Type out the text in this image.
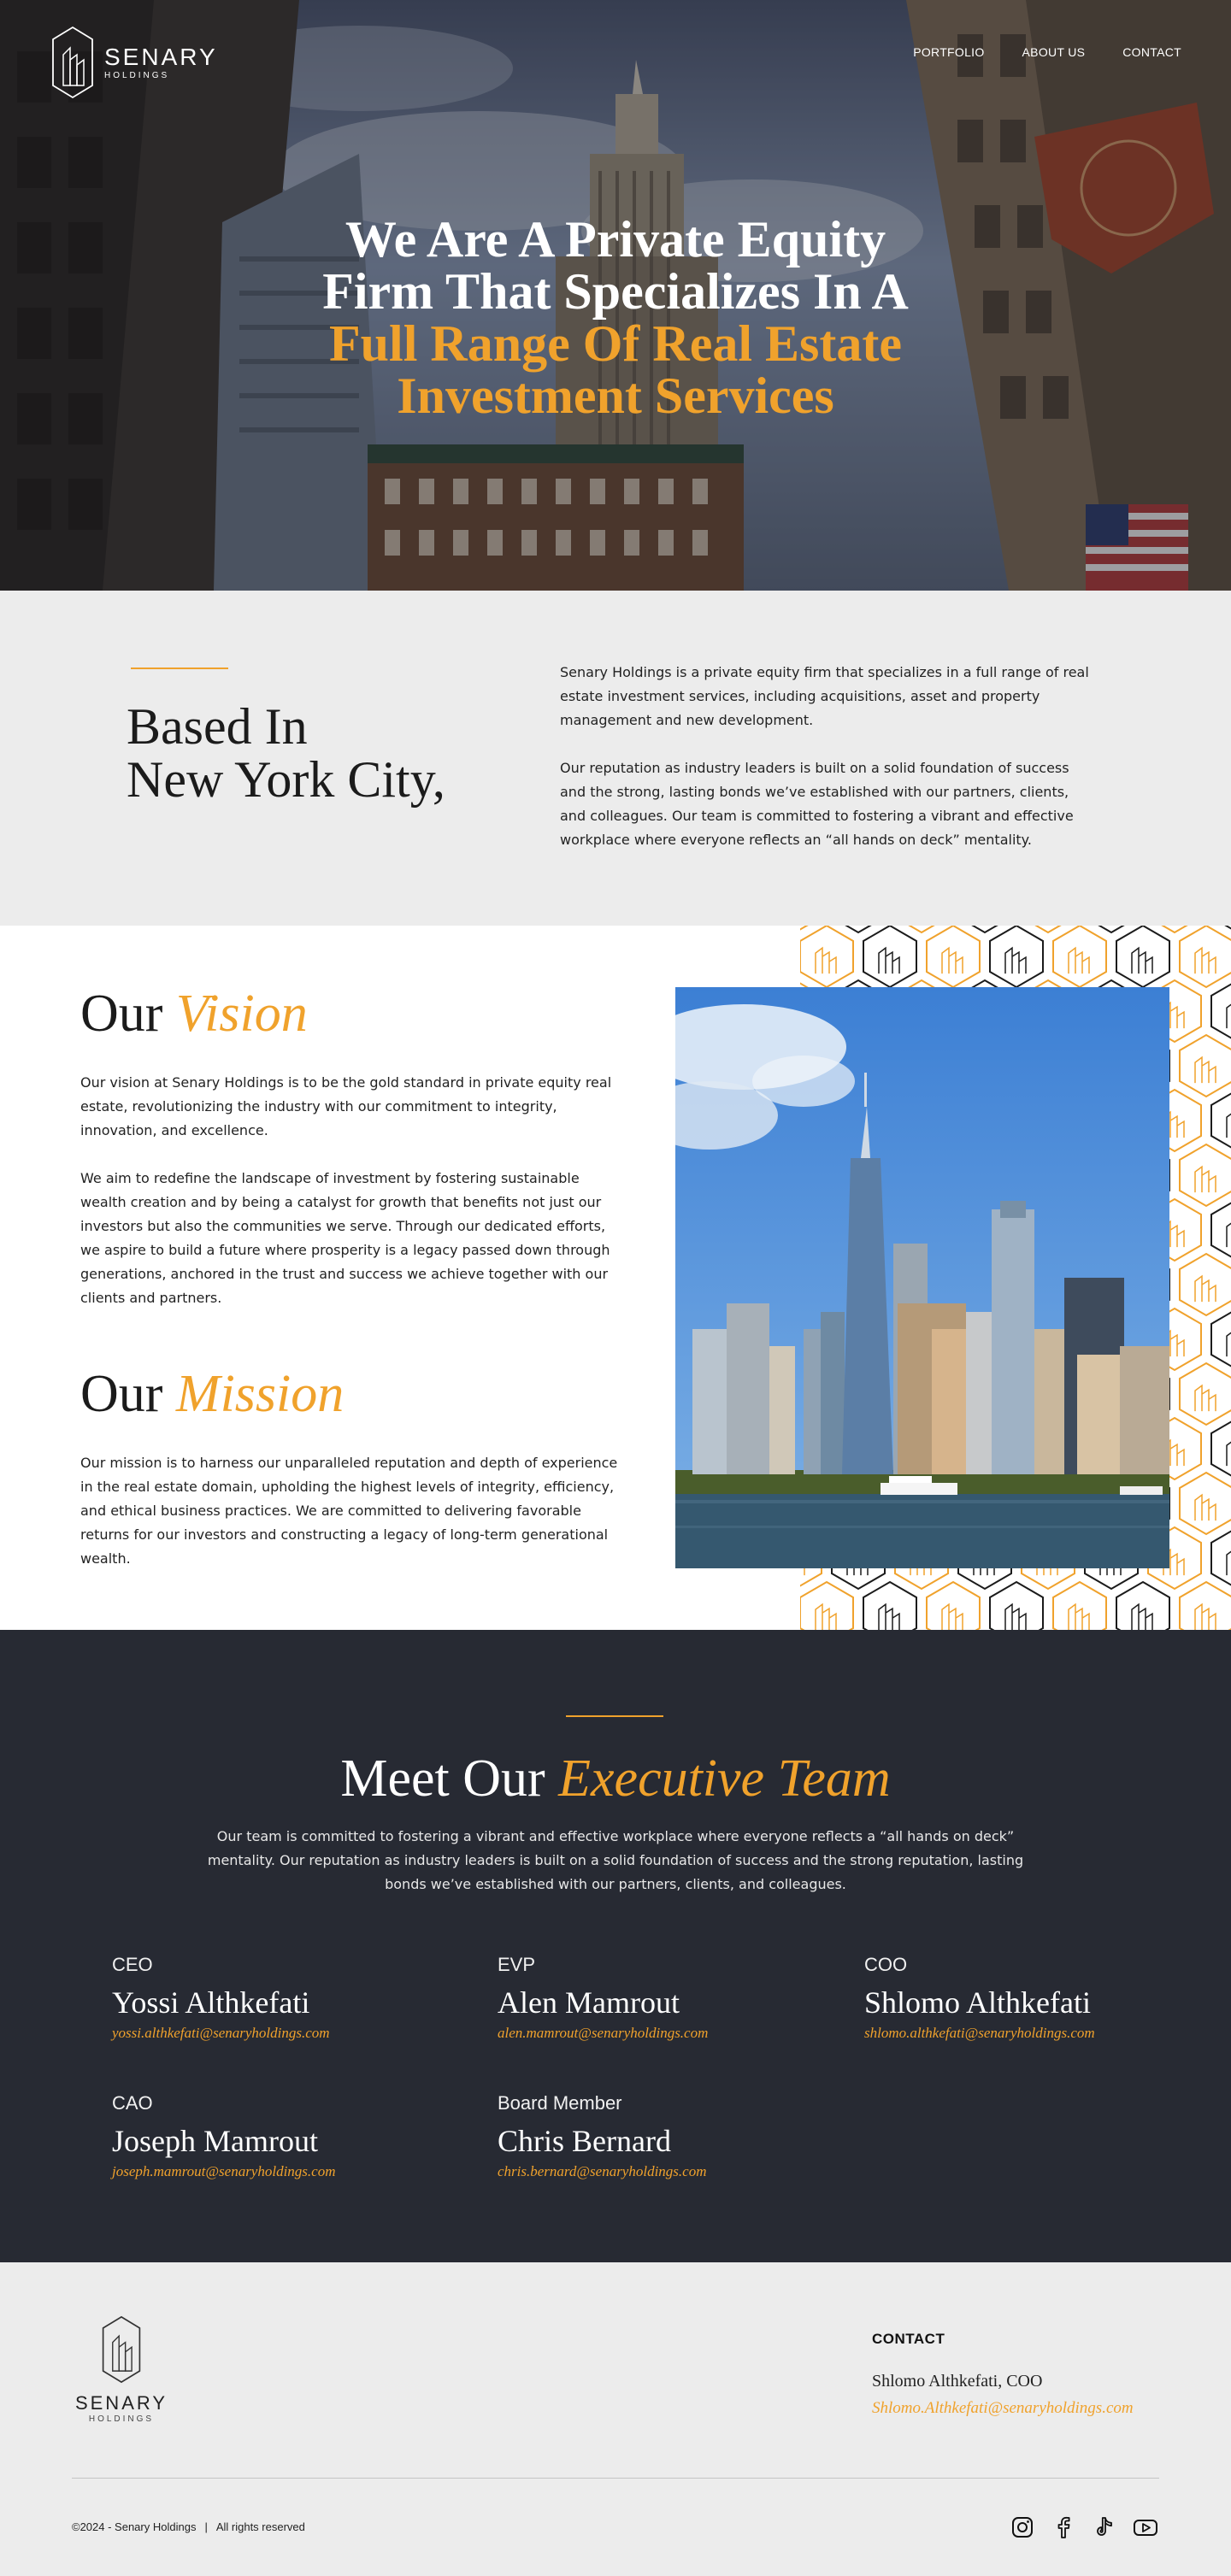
SENARY
HOLDINGS
PORTFOLIO	ABOUT US	CONTACT
We Are A Private Equity
Firm That Specializes In A
Full Range Of Real Estate
Investment Services
Based In
New York City,

Senary Holdings is a private equity firm that specializes in a full range of real estate investment services, including acquisitions, asset and property management and new development.

Our reputation as industry leaders is built on a solid foundation of success and the strong, lasting bonds we’ve established with our partners, clients, and colleagues. Our team is committed to fostering a vibrant and effective workplace where everyone reflects an “all hands on deck” mentality.

Our Vision

Our vision at Senary Holdings is to be the gold standard in private equity real estate, revolutionizing the industry with our commitment to integrity, innovation, and excellence.

We aim to redefine the landscape of investment by fostering sustainable wealth creation and by being a catalyst for growth that benefits not just our investors but also the communities we serve. Through our dedicated efforts, we aspire to build a future where prosperity is a legacy passed down through generations, anchored in the trust and success we achieve together with our clients and partners.

Our Mission

Our mission is to harness our unparalleled reputation and depth of experience in the real estate domain, upholding the highest levels of integrity, efficiency, and ethical business practices. We are committed to delivering favorable returns for our investors and constructing a legacy of long-term generational wealth.

Meet Our Executive Team
Our team is committed to fostering a vibrant and effective workplace where everyone reflects a “all hands on deck” mentality. Our reputation as industry leaders is built on a solid foundation of success and the strong reputation, lasting bonds we’ve established with our partners, clients, and colleagues.
CEO
Yossi Althkefati
yossi.althkefati@senaryholdings.com
EVP
Alen Mamrout
alen.mamrout@senaryholdings.com
COO
Shlomo Althkefati
shlomo.althkefati@senaryholdings.com
CAO
Joseph Mamrout
joseph.mamrout@senaryholdings.com
Board Member
Chris Bernard
chris.bernard@senaryholdings.com
SENARY
HOLDINGS
CONTACT
Shlomo Althkefati, COO
Shlomo.Althkefati@senaryholdings.com
©2024 - Senary Holdings | All rights reserved
